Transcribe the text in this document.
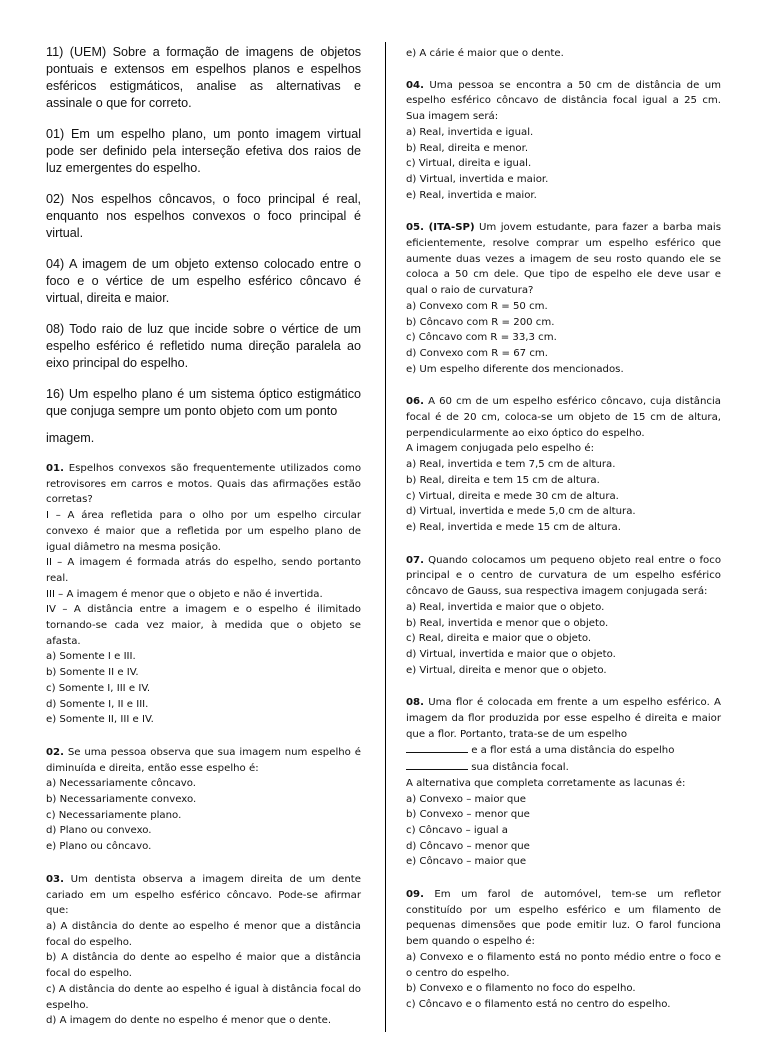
11) (UEM) Sobre a formação de imagens de objetos pontuais e extensos em espelhos planos e espelhos esféricos estigmáticos, analise as alternativas e assinale o que for correto.

01) Em um espelho plano, um ponto imagem virtual pode ser definido pela interseção efetiva dos raios de luz emergentes do espelho.

02) Nos espelhos côncavos, o foco principal é real, enquanto nos espelhos convexos o foco principal é virtual.

04) A imagem de um objeto extenso colocado entre o foco e o vértice de um espelho esférico côncavo é virtual, direita e maior.

08) Todo raio de luz que incide sobre o vértice de um espelho esférico é refletido numa direção paralela ao eixo principal do espelho.

16) Um espelho plano é um sistema óptico estigmático que conjuga sempre um ponto objeto com um ponto

imagem.

01. Espelhos convexos são frequentemente utilizados como retrovisores em carros e motos. Quais das afirmações estão corretas?
I – A área refletida para o olho por um espelho circular convexo é maior que a refletida por um espelho plano de igual diâmetro na mesma posição.
II – A imagem é formada atrás do espelho, sendo portanto real.
III – A imagem é menor que o objeto e não é invertida.
IV – A distância entre a imagem e o espelho é ilimitado tornando-se cada vez maior, à medida que o objeto se afasta.
a) Somente I e III.
b) Somente II e IV.
c) Somente I, III e IV.
d) Somente I, II e III.
e) Somente II, III e IV.
02. Se uma pessoa observa que sua imagem num espelho é diminuída e direita, então esse espelho é:
a) Necessariamente côncavo.
b) Necessariamente convexo.
c) Necessariamente plano.
d) Plano ou convexo.
e) Plano ou côncavo.
03. Um dentista observa a imagem direita de um dente cariado em um espelho esférico côncavo. Pode-se afirmar que:
a) A distância do dente ao espelho é menor que a distância focal do espelho.
b) A distância do dente ao espelho é maior que a distância focal do espelho.
c) A distância do dente ao espelho é igual à distância focal do espelho.
d) A imagem do dente no espelho é menor que o dente.
e) A cárie é maior que o dente.
04. Uma pessoa se encontra a 50 cm de distância de um espelho esférico côncavo de distância focal igual a 25 cm. Sua imagem será:
a) Real, invertida e igual.
b) Real, direita e menor.
c) Virtual, direita e igual.
d) Virtual, invertida e maior.
e) Real, invertida e maior.
05. (ITA-SP) Um jovem estudante, para fazer a barba mais eficientemente, resolve comprar um espelho esférico que aumente duas vezes a imagem de seu rosto quando ele se coloca a 50 cm dele. Que tipo de espelho ele deve usar e qual o raio de curvatura?
a) Convexo com R = 50 cm.
b) Côncavo com R = 200 cm.
c) Côncavo com R = 33,3 cm.
d) Convexo com R = 67 cm.
e) Um espelho diferente dos mencionados.
06. A 60 cm de um espelho esférico côncavo, cuja distância focal é de 20 cm, coloca-se um objeto de 15 cm de altura, perpendicularmente ao eixo óptico do espelho.
A imagem conjugada pelo espelho é:
a) Real, invertida e tem 7,5 cm de altura.
b) Real, direita e tem 15 cm de altura.
c) Virtual, direita e mede 30 cm de altura.
d) Virtual, invertida e mede 5,0 cm de altura.
e) Real, invertida e mede 15 cm de altura.
07. Quando colocamos um pequeno objeto real entre o foco principal e o centro de curvatura de um espelho esférico côncavo de Gauss, sua respectiva imagem conjugada será:
a) Real, invertida e maior que o objeto.
b) Real, invertida e menor que o objeto.
c) Real, direita e maior que o objeto.
d) Virtual, invertida e maior que o objeto.
e) Virtual, direita e menor que o objeto.
08. Uma flor é colocada em frente a um espelho esférico. A imagem da flor produzida por esse espelho é direita e maior que a flor. Portanto, trata-se de um espelho
e a flor está a uma distância do espelho
sua distância focal.
A alternativa que completa corretamente as lacunas é:
a) Convexo – maior que
b) Convexo – menor que
c) Côncavo – igual a
d) Côncavo – menor que
e) Côncavo – maior que
09. Em um farol de automóvel, tem-se um refletor constituído por um espelho esférico e um filamento de pequenas dimensões que pode emitir luz. O farol funciona bem quando o espelho é:
a) Convexo e o filamento está no ponto médio entre o foco e o centro do espelho.
b) Convexo e o filamento no foco do espelho.
c) Côncavo e o filamento está no centro do espelho.
